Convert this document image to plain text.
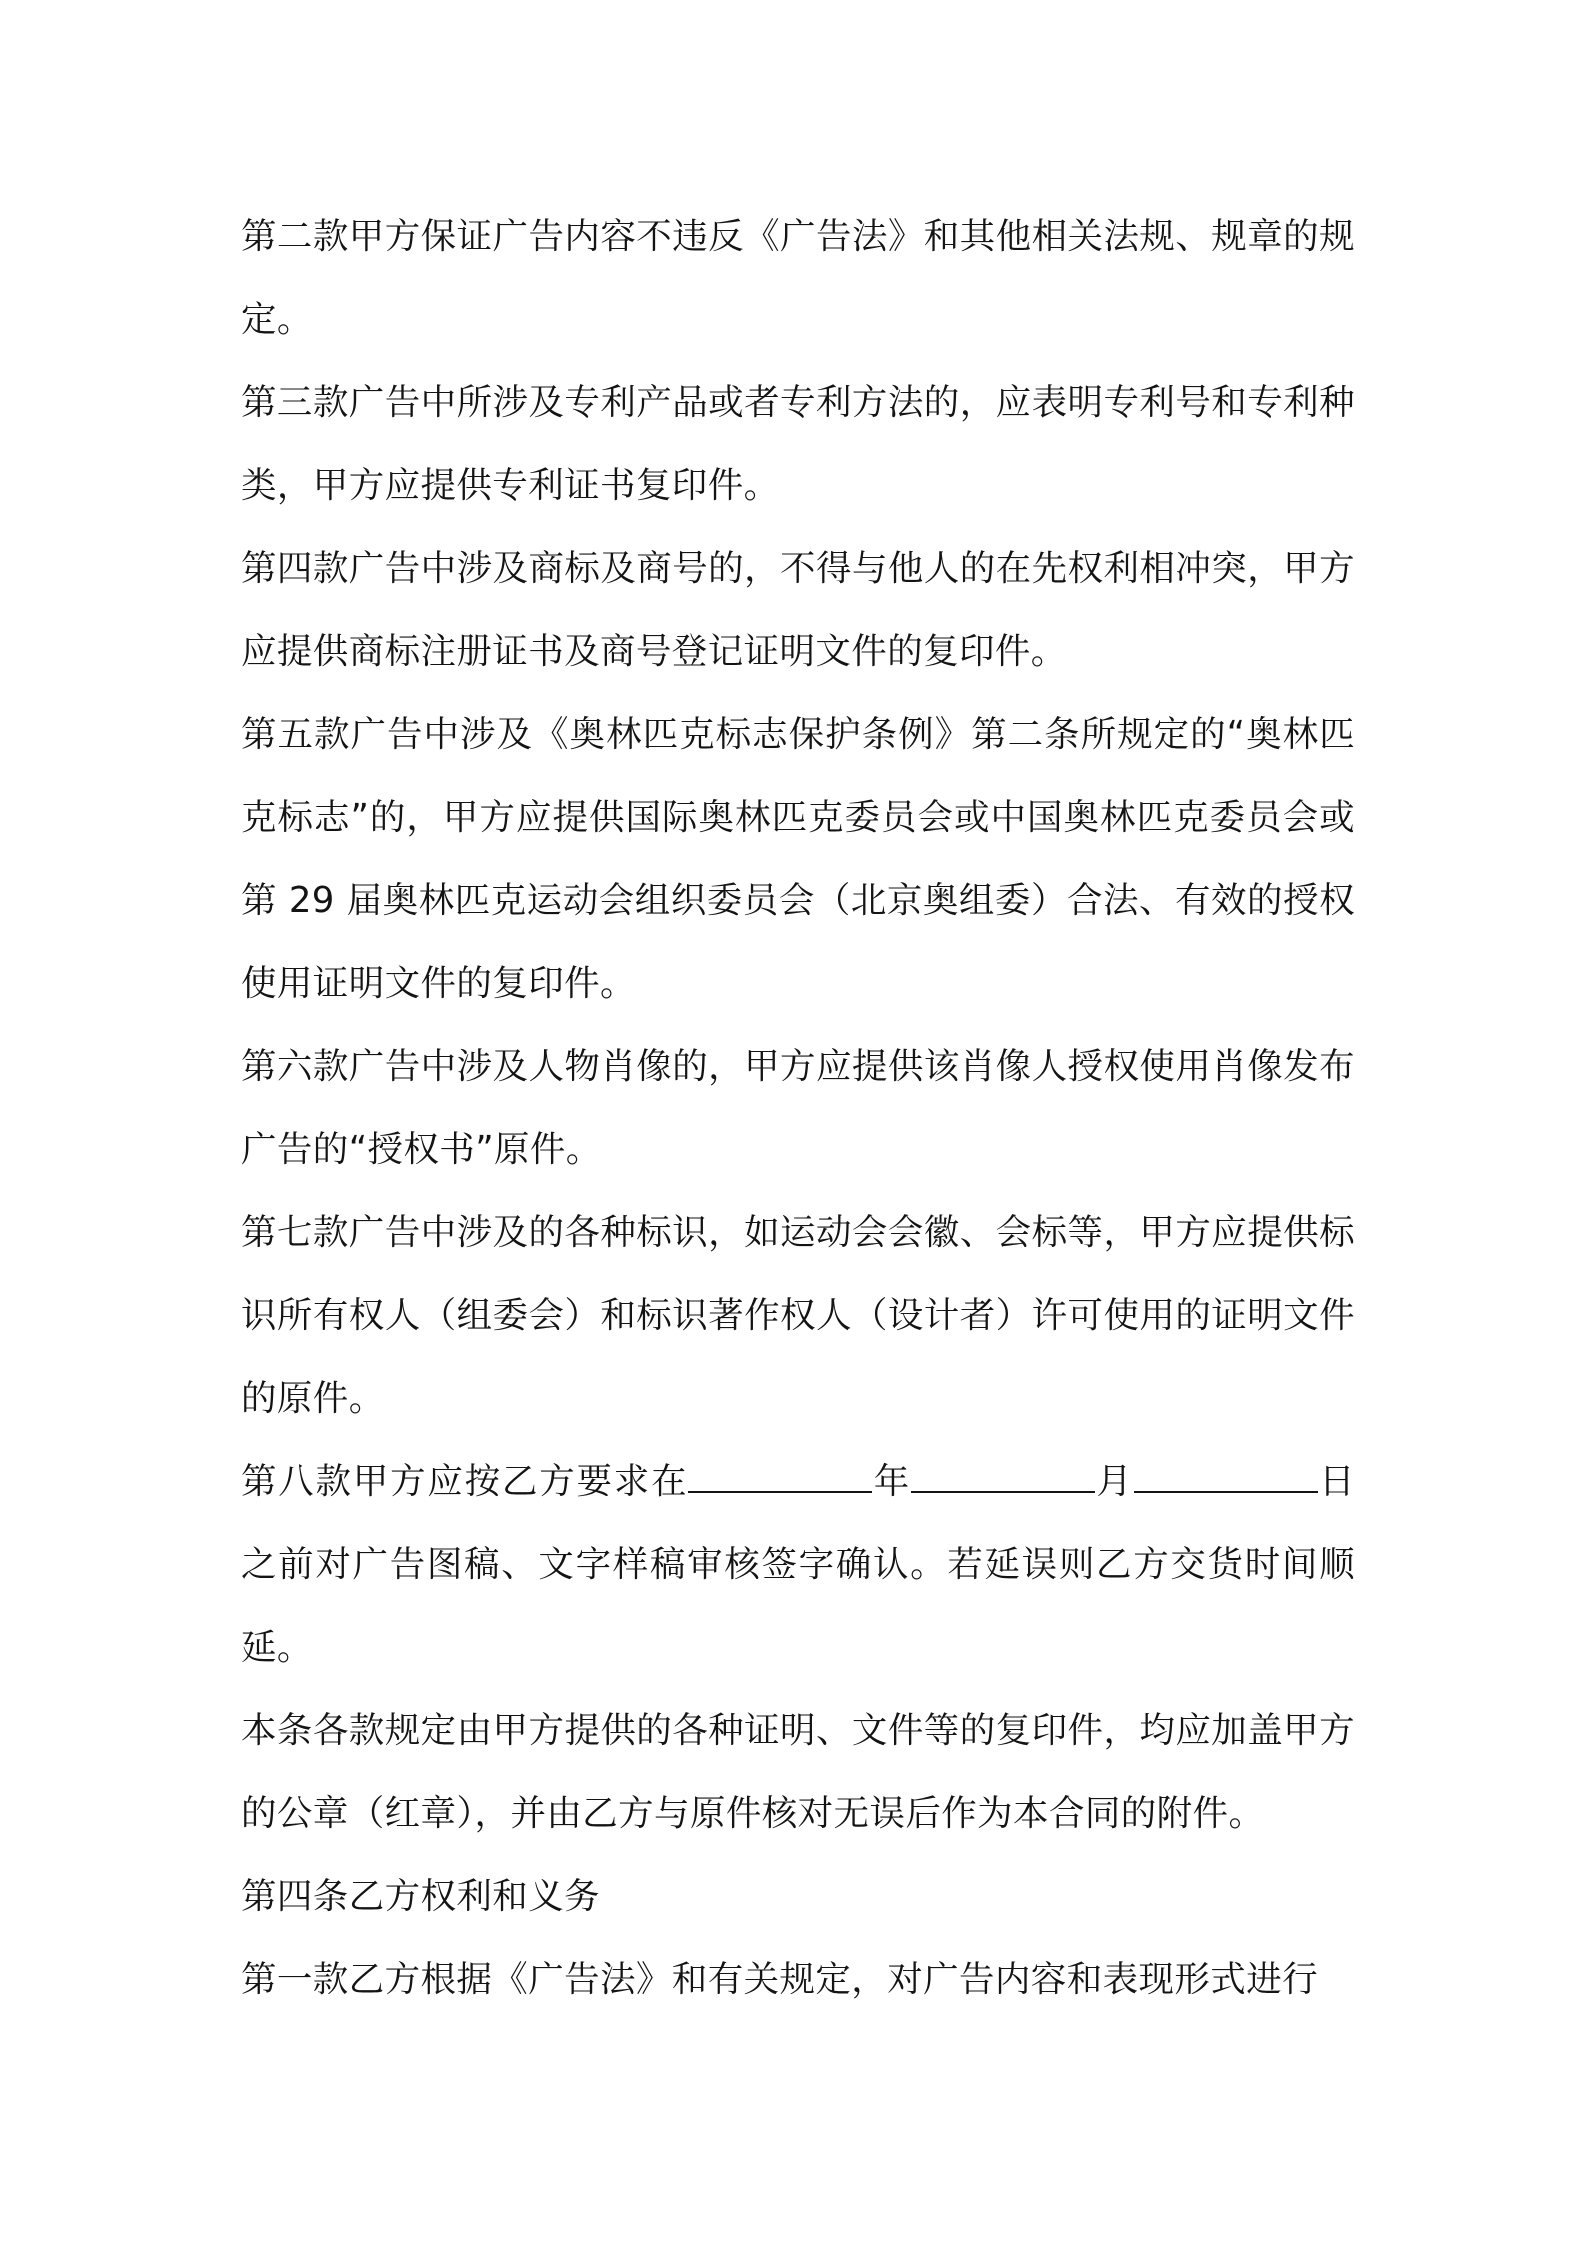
第二款甲方保证广告内容不违反《广告法》和其他相关法规、规章的规定。

第三款广告中所涉及专利产品或者专利方法的，应表明专利号和专利种类，甲方应提供专利证书复印件。

第四款广告中涉及商标及商号的，不得与他人的在先权利相冲突，甲方应提供商标注册证书及商号登记证明文件的复印件。

第五款广告中涉及《奥林匹克标志保护条例》第二条所规定的“奥林匹克标志”的，甲方应提供国际奥林匹克委员会或中国奥林匹克委员会或第 29 届奥林匹克运动会组织委员会（北京奥组委）合法、有效的授权使用证明文件的复印件。

第六款广告中涉及人物肖像的，甲方应提供该肖像人授权使用肖像发布广告的“授权书”原件。

第七款广告中涉及的各种标识，如运动会会徽、会标等，甲方应提供标识所有权人（组委会）和标识著作权人（设计者）许可使用的证明文件的原件。

第八款甲方应按乙方要求在	年	月	日之前对广告图稿、文字样稿审核签字确认。若延误则乙方交货时间顺延。

本条各款规定由甲方提供的各种证明、文件等的复印件，均应加盖甲方的公章（红章），并由乙方与原件核对无误后作为本合同的附件。

第四条乙方权利和义务

第一款乙方根据《广告法》和有关规定，对广告内容和表现形式进行
